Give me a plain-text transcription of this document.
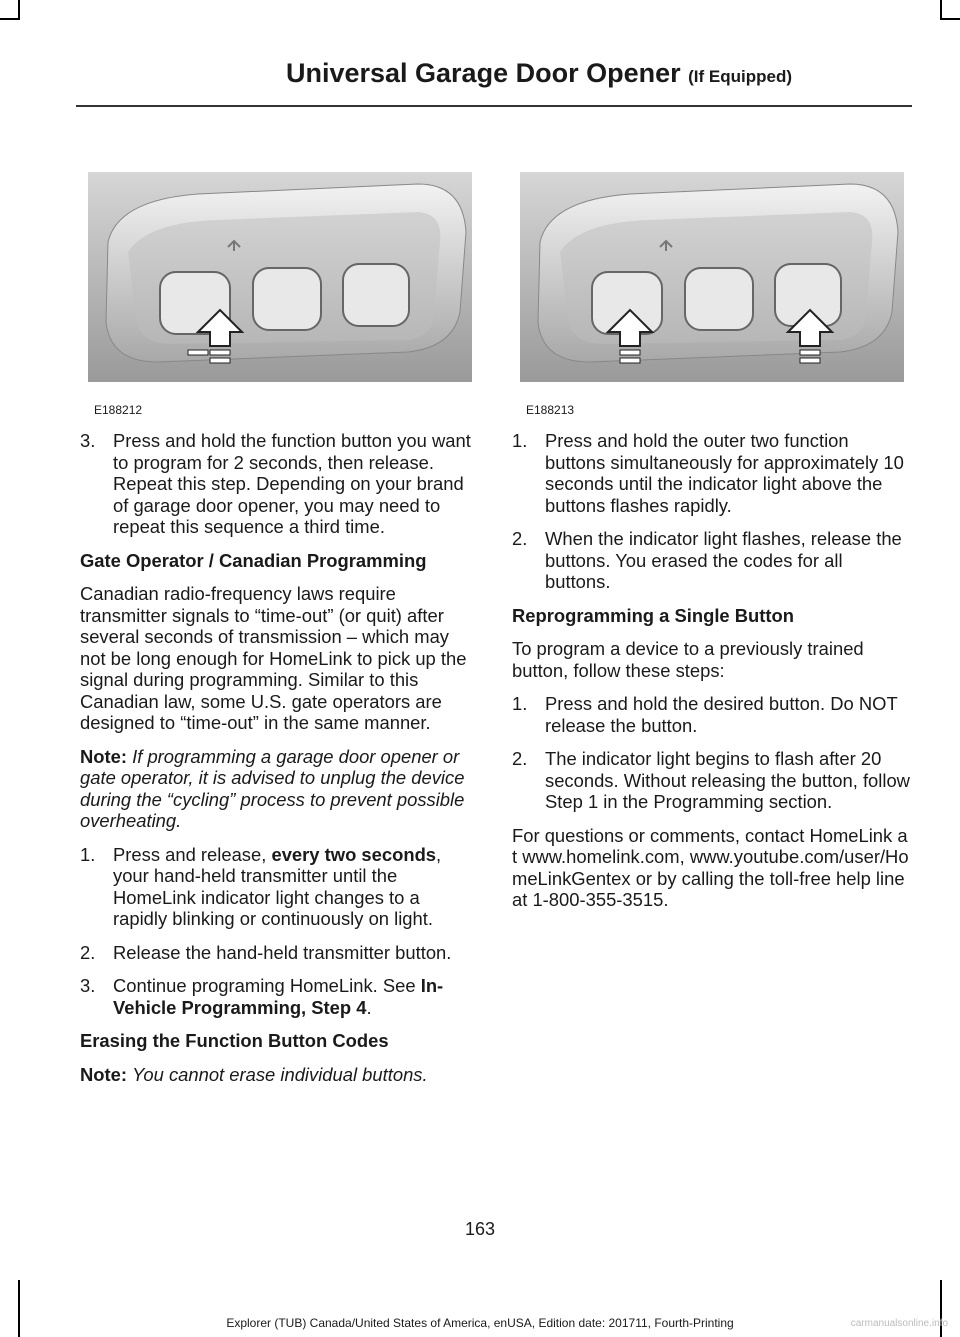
Universal Garage Door Opener (If Equipped)
E188212	E188213
3. Press and hold the function button you want to program for 2 seconds, then release. Repeat this step. Depending on your brand of garage door opener, you may need to repeat this sequence a third time.
Gate Operator / Canadian Programming

Canadian radio-frequency laws require transmitter signals to “time-out” (or quit) after several seconds of transmission – which may not be long enough for HomeLink to pick up the signal during programming. Similar to this Canadian law, some U.S. gate operators are designed to “time-out” in the same manner.

Note: If programming a garage door opener or gate operator, it is advised to unplug the device during the “cycling” process to prevent possible overheating.

1. Press and release, every two seconds, your hand-held transmitter until the HomeLink indicator light changes to a rapidly blinking or continuously on light.
2. Release the hand-held transmitter button.
3. Continue programing HomeLink. See In-Vehicle Programming, Step 4.
Erasing the Function Button Codes

Note: You cannot erase individual buttons.

1. Press and hold the outer two function buttons simultaneously for approximately 10 seconds until the indicator light above the buttons flashes rapidly.
2. When the indicator light flashes, release the buttons. You erased the codes for all buttons.
Reprogramming a Single Button

To program a device to a previously trained button, follow these steps:

1. Press and hold the desired button. Do NOT release the button.
2. The indicator light begins to flash after 20 seconds. Without releasing the button, follow Step 1 in the Programming section.

For questions or comments, contact HomeLink at www.homelink.com, www.youtube.com/user/HomeLinkGentex or by calling the toll-free help line at 1-800-355-3515.

163
Explorer (TUB) Canada/United States of America, enUSA, Edition date: 201711, Fourth-Printing	carmanualsonline.info
